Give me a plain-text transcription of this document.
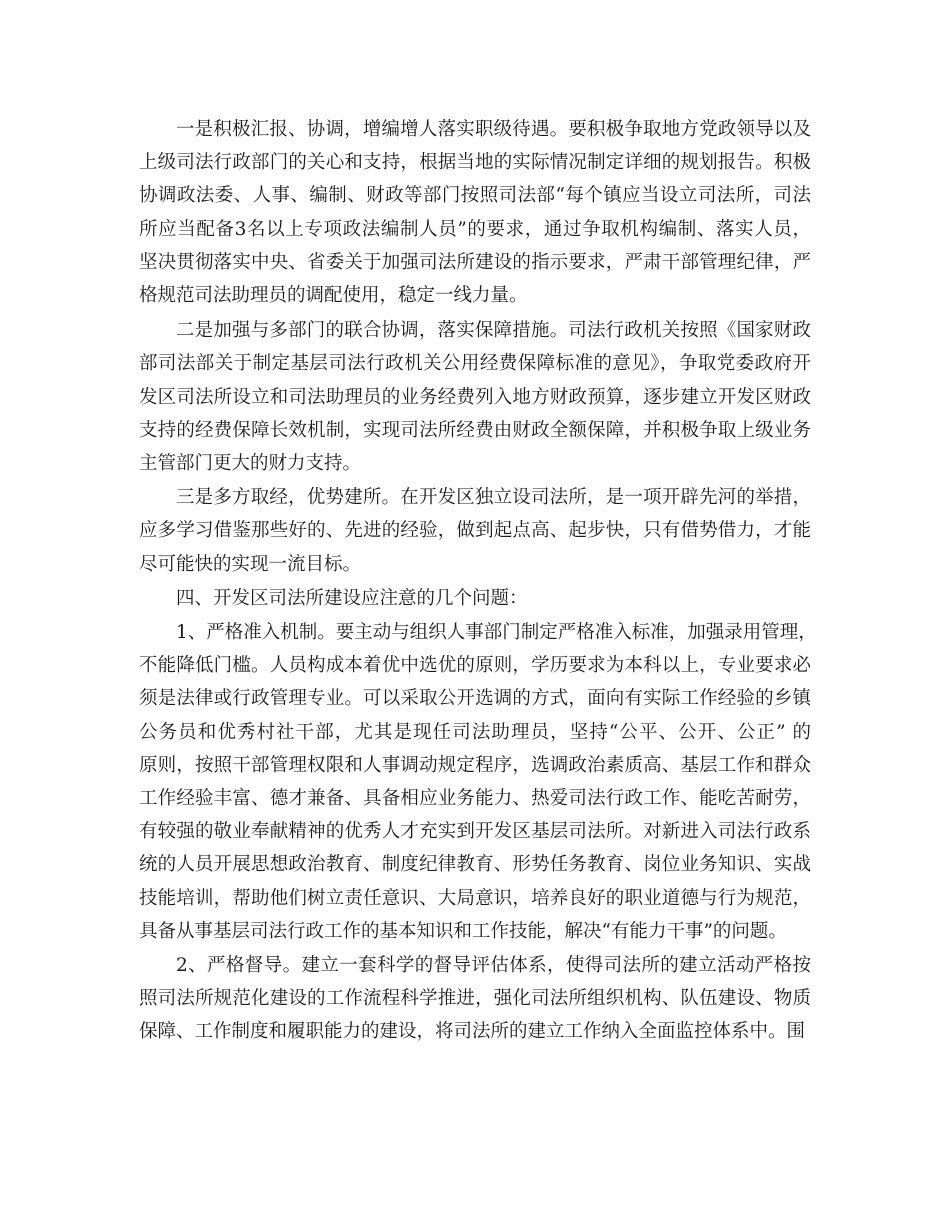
一是积极汇报、协调，增编增人落实职级待遇。要积极争取地方党政领导以及
上级司法行政部门的关心和支持，根据当地的实际情况制定详细的规划报告。积极
协调政法委、人事、编制、财政等部门按照司法部“每个镇应当设立司法所，司法
所应当配备3名以上专项政法编制人员”的要求，通过争取机构编制、落实人员，
坚决贯彻落实中央、省委关于加强司法所建设的指示要求，严肃干部管理纪律，严
格规范司法助理员的调配使用，稳定一线力量。
二是加强与多部门的联合协调，落实保障措施。司法行政机关按照《国家财政
部司法部关于制定基层司法行政机关公用经费保障标准的意见》，争取党委政府开
发区司法所设立和司法助理员的业务经费列入地方财政预算，逐步建立开发区财政
支持的经费保障长效机制，实现司法所经费由财政全额保障，并积极争取上级业务
主管部门更大的财力支持。
三是多方取经，优势建所。在开发区独立设司法所，是一项开辟先河的举措，
应多学习借鉴那些好的、先进的经验，做到起点高、起步快，只有借势借力，才能
尽可能快的实现一流目标。
四、开发区司法所建设应注意的几个问题：
1、严格准入机制。要主动与组织人事部门制定严格准入标准，加强录用管理，
不能降低门槛。人员构成本着优中选优的原则，学历要求为本科以上，专业要求必
须是法律或行政管理专业。可以采取公开选调的方式，面向有实际工作经验的乡镇
公务员和优秀村社干部，尤其是现任司法助理员，坚持“公平、公开、公正” 的
原则，按照干部管理权限和人事调动规定程序，选调政治素质高、基层工作和群众
工作经验丰富、德才兼备、具备相应业务能力、热爱司法行政工作、能吃苦耐劳，
有较强的敬业奉献精神的优秀人才充实到开发区基层司法所。对新进入司法行政系
统的人员开展思想政治教育、制度纪律教育、形势任务教育、岗位业务知识、实战
技能培训，帮助他们树立责任意识、大局意识，培养良好的职业道德与行为规范，
具备从事基层司法行政工作的基本知识和工作技能，解决“有能力干事”的问题。
2、严格督导。建立一套科学的督导评估体系，使得司法所的建立活动严格按
照司法所规范化建设的工作流程科学推进，强化司法所组织机构、队伍建设、物质
保障、工作制度和履职能力的建设，将司法所的建立工作纳入全面监控体系中。围
